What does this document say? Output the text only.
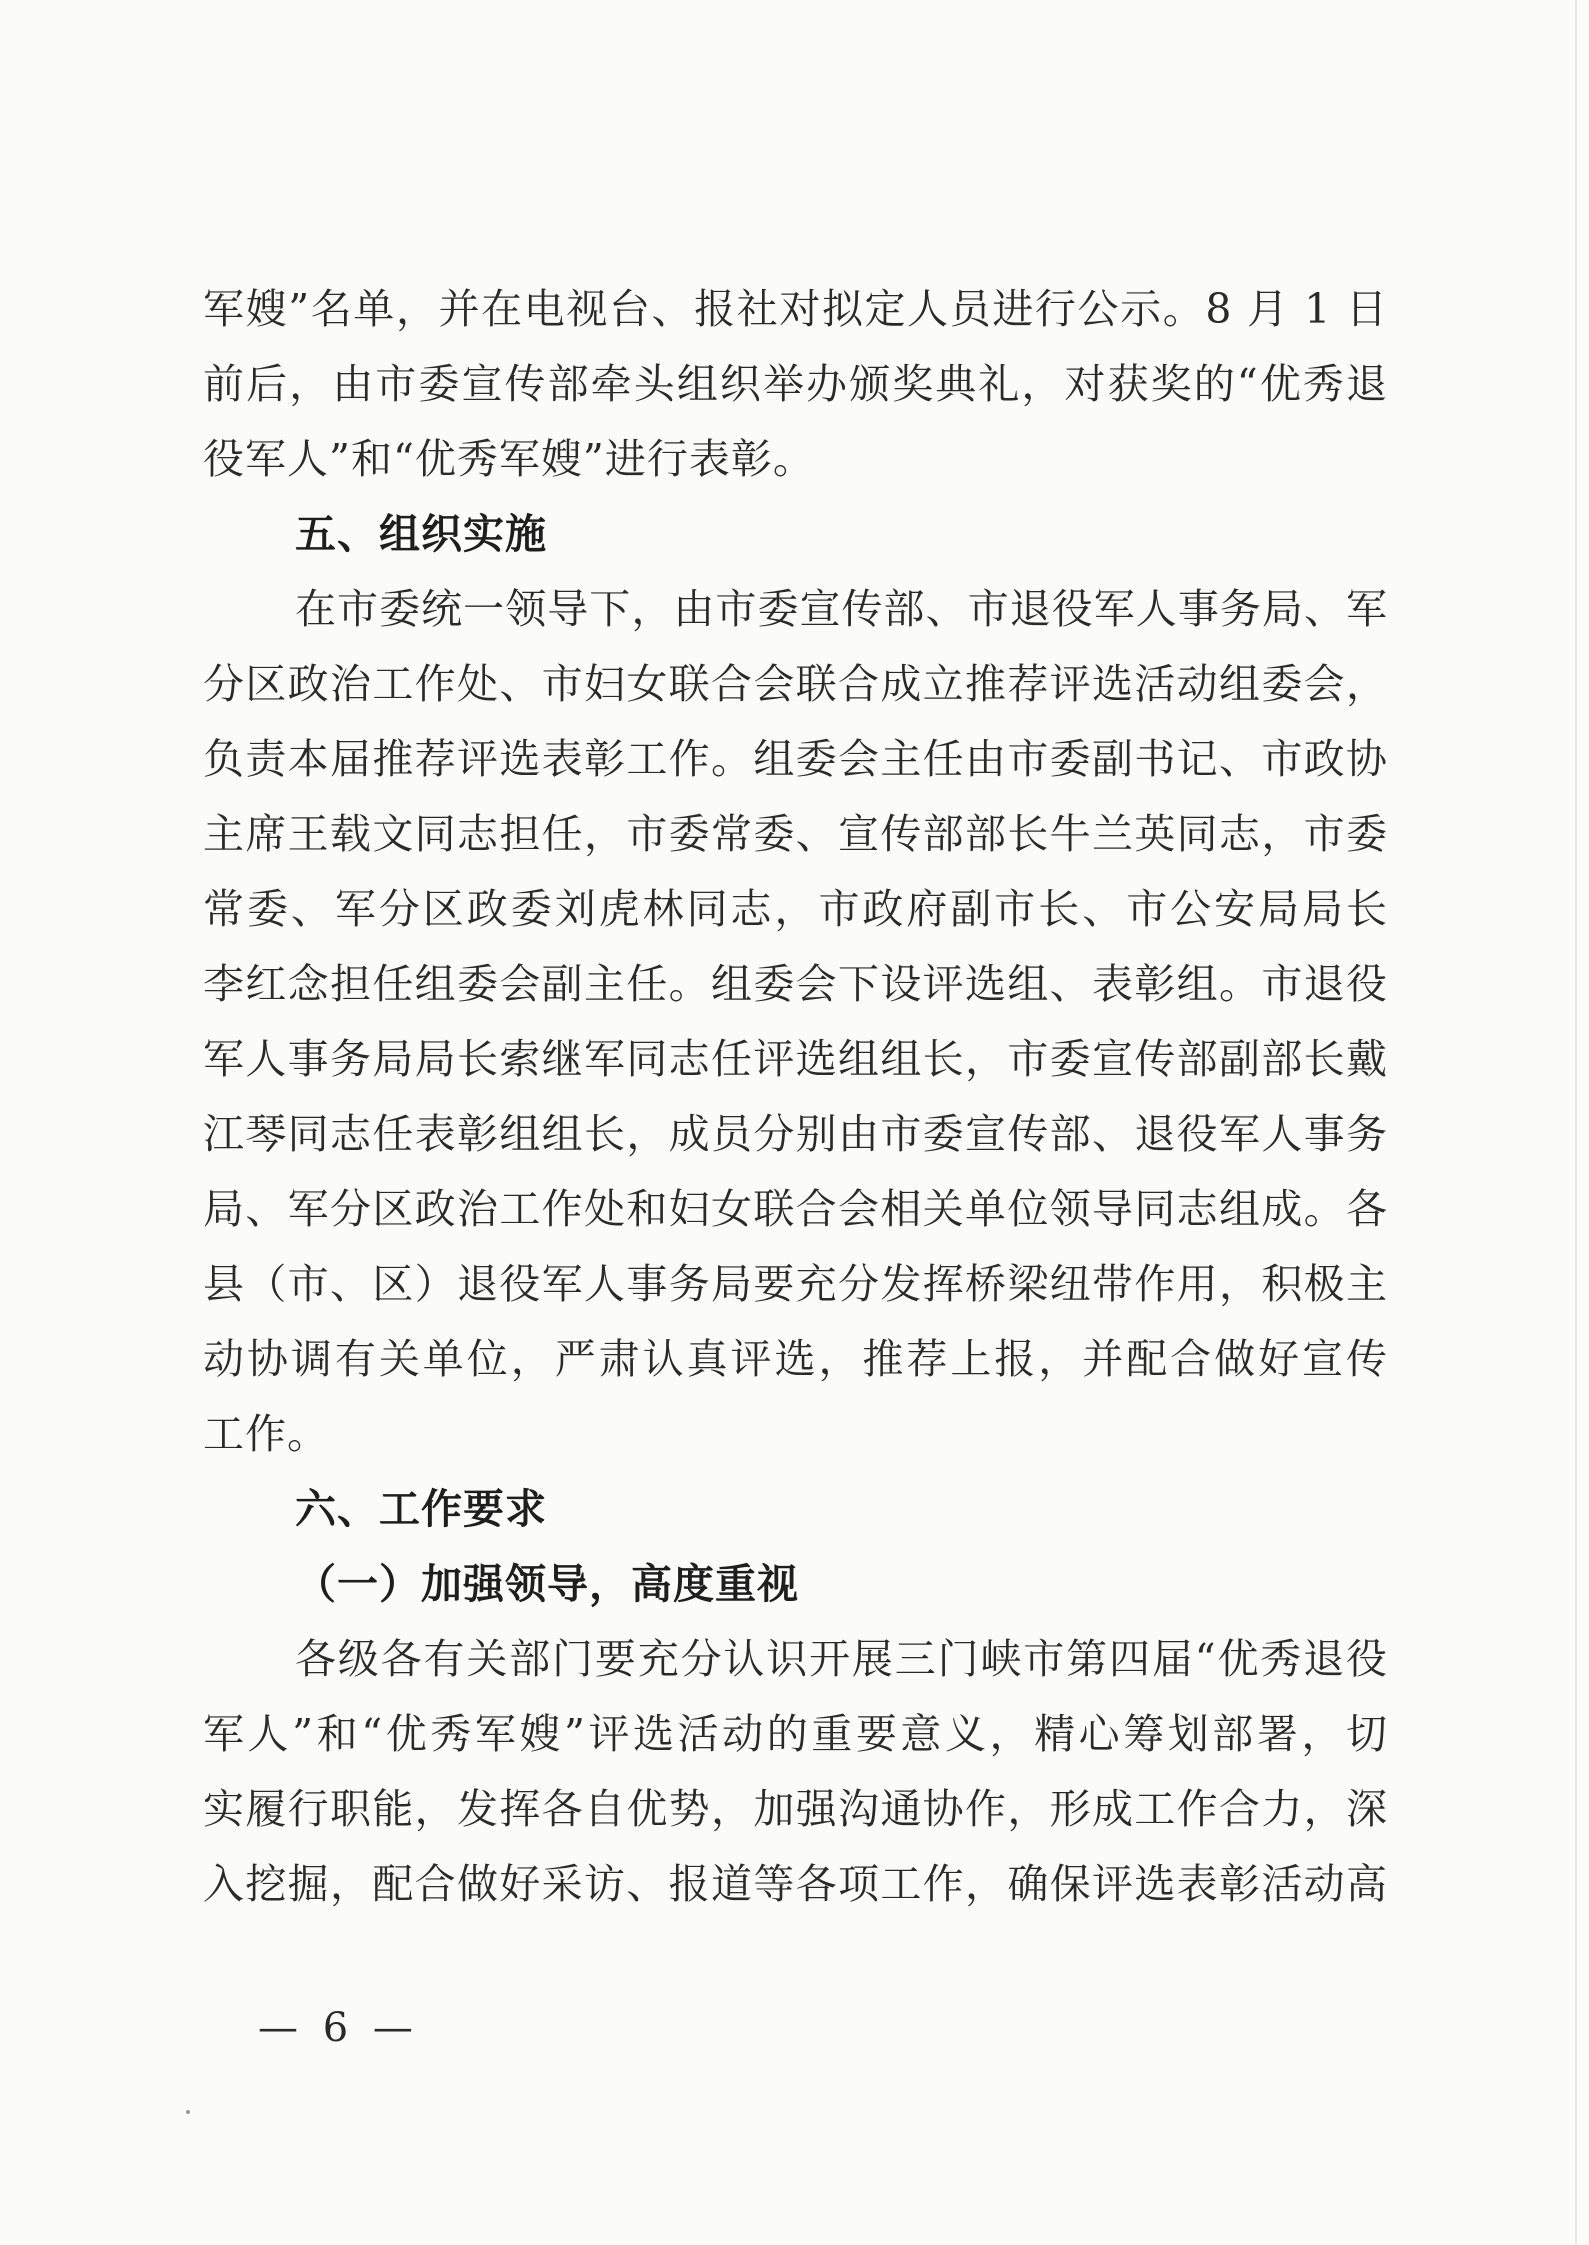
军嫂”名单，并在电视台、报社对拟定人员进行公示。8 月 1 日
前后，由市委宣传部牵头组织举办颁奖典礼，对获奖的“优秀退
役军人”和“优秀军嫂”进行表彰。
五、组织实施
在市委统一领导下，由市委宣传部、市退役军人事务局、军
分区政治工作处、市妇女联合会联合成立推荐评选活动组委会，
负责本届推荐评选表彰工作。组委会主任由市委副书记、市政协
主席王载文同志担任，市委常委、宣传部部长牛兰英同志，市委
常委、军分区政委刘虎林同志，市政府副市长、市公安局局长
李红念担任组委会副主任。组委会下设评选组、表彰组。市退役
军人事务局局长索继军同志任评选组组长，市委宣传部副部长戴
江琴同志任表彰组组长，成员分别由市委宣传部、退役军人事务
局、军分区政治工作处和妇女联合会相关单位领导同志组成。各
县（市、区）退役军人事务局要充分发挥桥梁纽带作用，积极主
动协调有关单位，严肃认真评选，推荐上报，并配合做好宣传
工作。
六、工作要求
（一）加强领导，高度重视
各级各有关部门要充分认识开展三门峡市第四届“优秀退役
军人”和“优秀军嫂”评选活动的重要意义，精心筹划部署，切
实履行职能，发挥各自优势，加强沟通协作，形成工作合力，深
入挖掘，配合做好采访、报道等各项工作，确保评选表彰活动高
— 6 —
